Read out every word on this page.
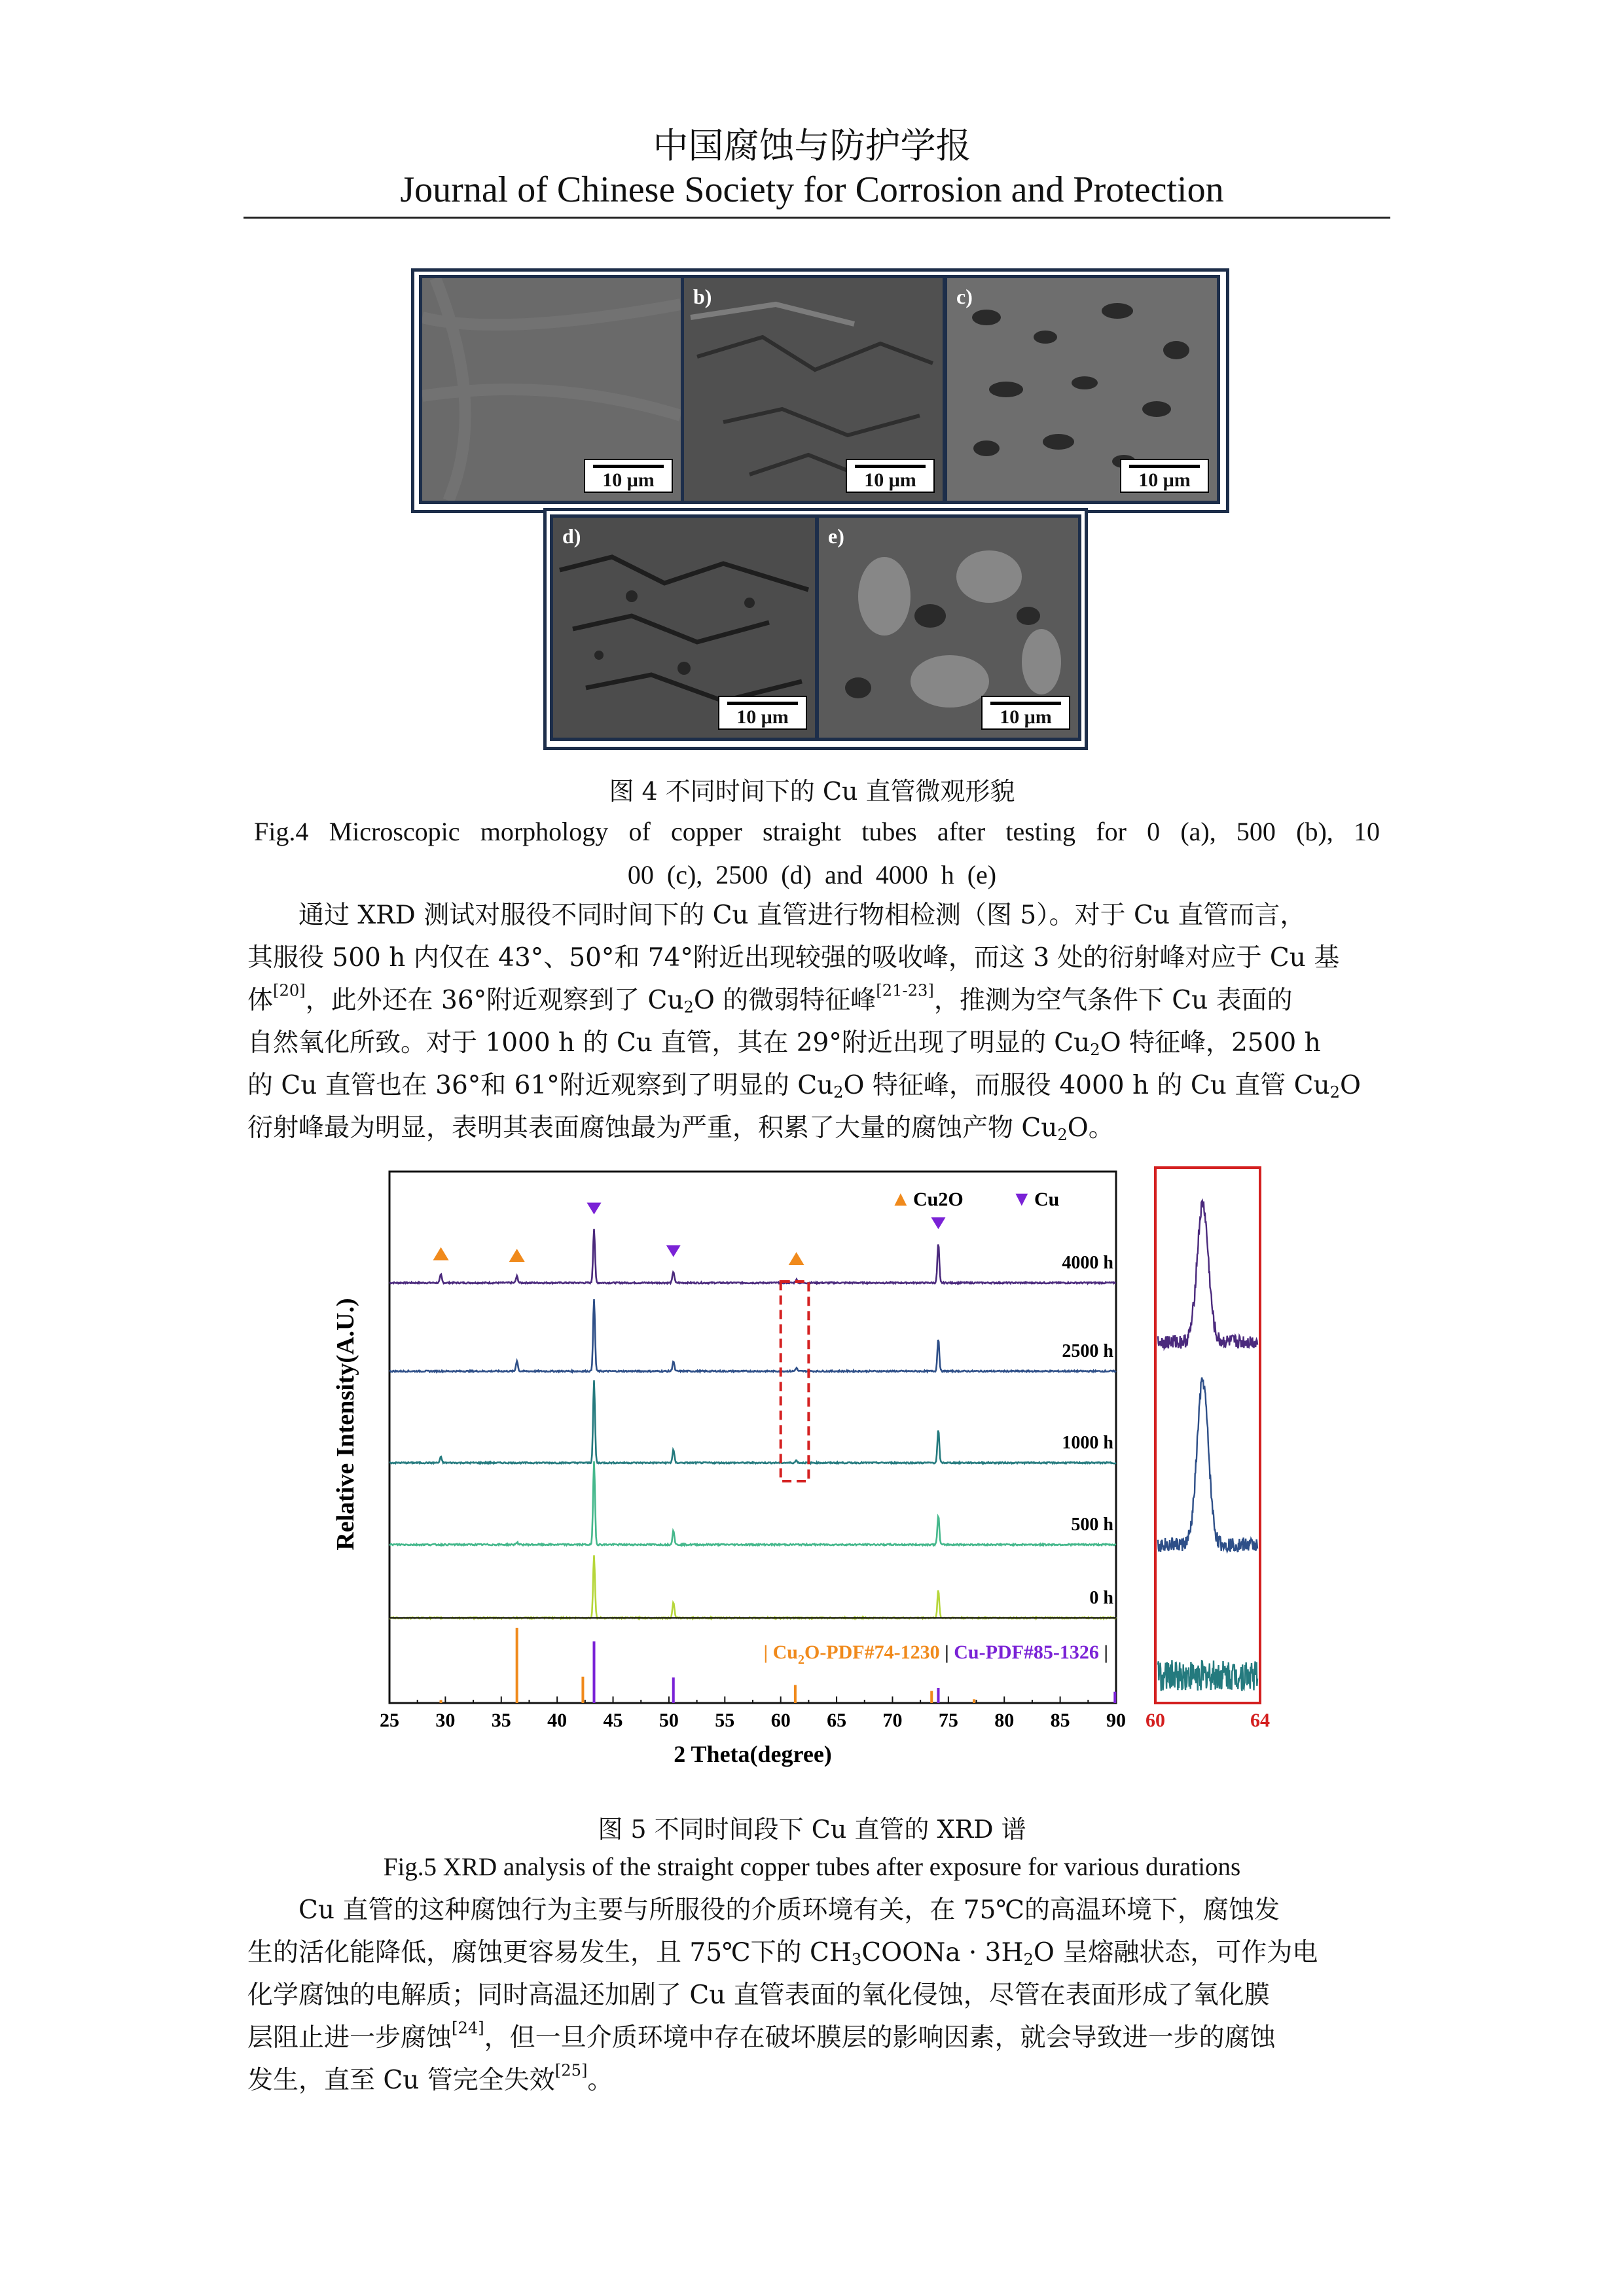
中国腐蚀与防护学报
Journal of Chinese Society for Corrosion and Protection
10 μm
b)
10 μm
c)
10 μm
d)
10 μm
e)
10 μm
图 4 不同时间下的 Cu 直管微观形貌
Fig.4 Microscopic morphology of copper straight tubes after testing for 0 (a), 500 (b), 10
00 (c), 2500 (d) and 4000 h (e)
通过 XRD 测试对服役不同时间下的 Cu 直管进行物相检测（图 5）。对于 Cu 直管而言，
其服役 500 h 内仅在 43°、50°和 74°附近出现较强的吸收峰，而这 3 处的衍射峰对应于 Cu 基
体[20]，此外还在 36°附近观察到了 $Cu_2O$ 的微弱特征峰[21-23]，推测为空气条件下 Cu 表面的
自然氧化所致。对于 1000 h 的 Cu 直管，其在 29°附近出现了明显的 $Cu_2O$ 特征峰，2500 h
的 Cu 直管也在 36°和 61°附近观察到了明显的 $Cu_2O$ 特征峰，而服役 4000 h 的 Cu 直管 $Cu_2O$
衍射峰最为明显，表明其表面腐蚀最为严重，积累了大量的腐蚀产物 $Cu_2O$。
25 30 35 40 45 50 55 60 65 70 75 80 85 90
2 Theta(degree)
Relative Intensity(A.U.)
4000 h
2500 h
1000 h
500 h
0 h
▲ Cu2O ▼ Cu
| $Cu_2O-PDF\#74-1230$ | Cu-PDF#85-1326 |
60	64
图 5 不同时间段下 Cu 直管的 XRD 谱
Fig.5 XRD analysis of the straight copper tubes after exposure for various durations
Cu 直管的这种腐蚀行为主要与所服役的介质环境有关，在 75℃的高温环境下，腐蚀发
生的活化能降低，腐蚀更容易发生，且 75℃下的 $CH_3COONa \cdot 3H_2O$ 呈熔融状态，可作为电
化学腐蚀的电解质；同时高温还加剧了 Cu 直管表面的氧化侵蚀，尽管在表面形成了氧化膜
层阻止进一步腐蚀[24]，但一旦介质环境中存在破坏膜层的影响因素，就会导致进一步的腐蚀
发生，直至 Cu 管完全失效[25]。
